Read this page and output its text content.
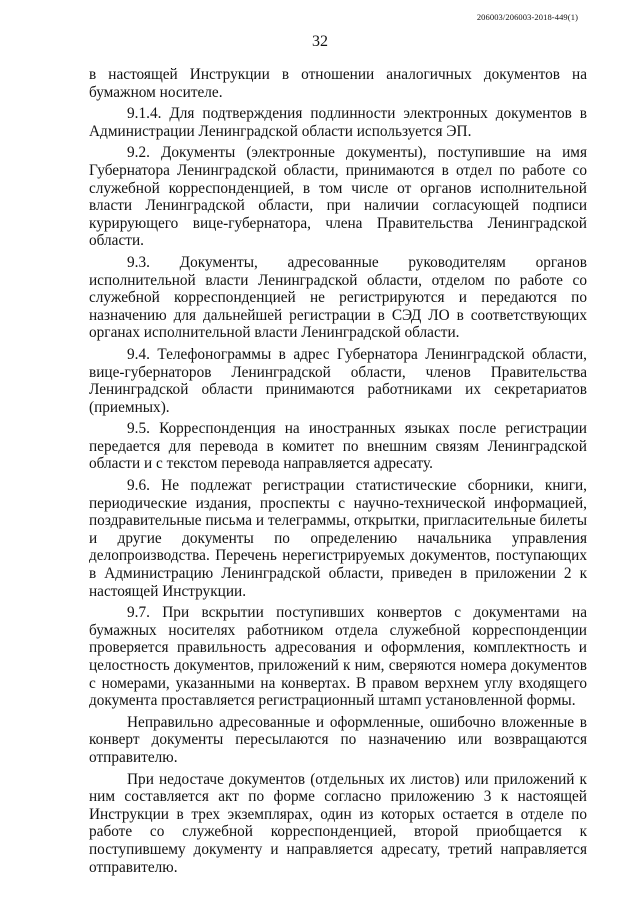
206003/206003-2018-449(1)
32

в настоящей Инструкции в отношении аналогичных документов на бумажном носителе.

9.1.4. Для подтверждения подлинности электронных документов в Администрации Ленинградской области используется ЭП.

9.2. Документы (электронные документы), поступившие на имя Губернатора Ленинградской области, принимаются в отдел по работе со служебной корреспонденцией, в том числе от органов исполнительной власти Ленинградской области, при наличии согласующей подписи курирующего вице-губернатора, члена Правительства Ленинградской области.

9.3. Документы, адресованные руководителям органов исполнительной власти Ленинградской области, отделом по работе со служебной корреспонденцией не регистрируются и передаются по назначению для дальнейшей регистрации в СЭД ЛО в соответствующих органах исполнительной власти Ленинградской области.

9.4. Телефонограммы в адрес Губернатора Ленинградской области, вице-губернаторов Ленинградской области, членов Правительства Ленинградской области принимаются работниками их секретариатов (приемных).

9.5. Корреспонденция на иностранных языках после регистрации передается для перевода в комитет по внешним связям Ленинградской области и с текстом перевода направляется адресату.

9.6. Не подлежат регистрации статистические сборники, книги, периодические издания, проспекты с научно-технической информацией, поздравительные письма и телеграммы, открытки, пригласительные билеты и другие документы по определению начальника управления делопроизводства. Перечень нерегистрируемых документов, поступающих в Администрацию Ленинградской области, приведен в приложении 2 к настоящей Инструкции.

9.7. При вскрытии поступивших конвертов с документами на бумажных носителях работником отдела служебной корреспонденции проверяется правильность адресования и оформления, комплектность и целостность документов, приложений к ним, сверяются номера документов с номерами, указанными на конвертах. В правом верхнем углу входящего документа проставляется регистрационный штамп установленной формы.

Неправильно адресованные и оформленные, ошибочно вложенные в конверт документы пересылаются по назначению или возвращаются отправителю.

При недостаче документов (отдельных их листов) или приложений к ним составляется акт по форме согласно приложению 3 к настоящей Инструкции в трех экземплярах, один из которых остается в отделе по работе со служебной корреспонденцией, второй приобщается к поступившему документу и направляется адресату, третий направляется отправителю.
